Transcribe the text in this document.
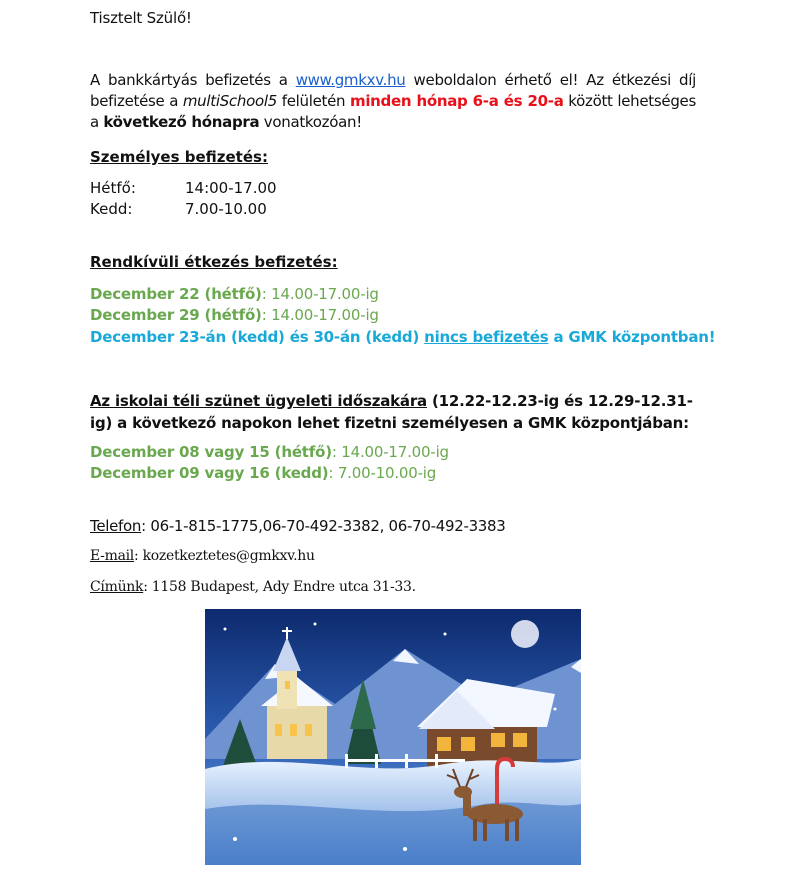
Tisztelt Szülő!
A bankkártyás befizetés a www.gmkxv.hu weboldalon érhető el! Az étkezési díj befizetése a multiSchool5 felületén minden hónap 6-a és 20-a között lehetséges a következő hónapra vonatkozóan!
Személyes befizetés:
Hétfő:	14:00-17.00
Kedd:	7.00-10.00
Rendkívüli étkezés befizetés:
December 22 (hétfő): 14.00-17.00-ig
December 29 (hétfő): 14.00-17.00-ig
December 23-án (kedd) és 30-án (kedd) nincs befizetés a GMK központban!
Az iskolai téli szünet ügyeleti időszakára (12.22-12.23-ig és 12.29-12.31-ig) a következő napokon lehet fizetni személyesen a GMK központjában:
December 08 vagy 15 (hétfő): 14.00-17.00-ig
December 09 vagy 16 (kedd): 7.00-10.00-ig
Telefon: 06-1-815-1775,06-70-492-3382, 06-70-492-3383
E-mail: kozetkeztetes@gmkxv.hu
Címünk: 1158 Budapest, Ady Endre utca 31-33.
